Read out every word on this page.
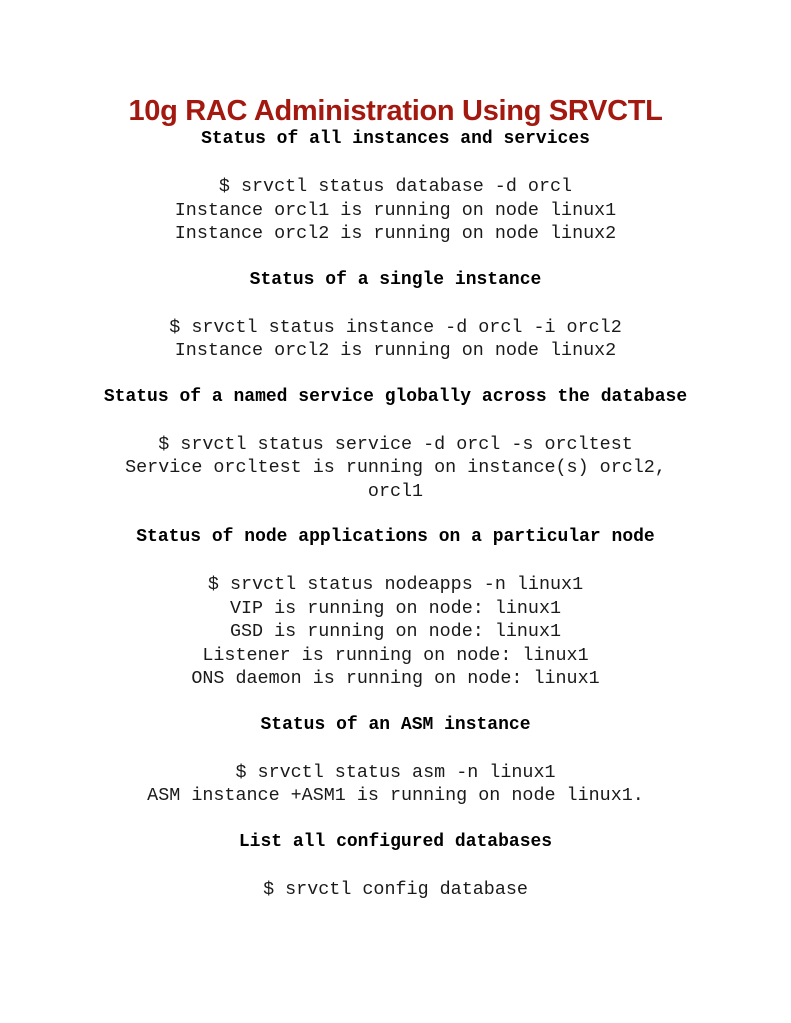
10g RAC Administration Using SRVCTL
Status of all instances and services
$ srvctl status database -d orcl
Instance orcl1 is running on node linux1
Instance orcl2 is running on node linux2
Status of a single instance
$ srvctl status instance -d orcl -i orcl2
Instance orcl2 is running on node linux2
Status of a named service globally across the database
$ srvctl status service -d orcl -s orcltest
Service orcltest is running on instance(s) orcl2, orcl1
Status of node applications on a particular node
$ srvctl status nodeapps -n linux1
VIP is running on node: linux1
GSD is running on node: linux1
Listener is running on node: linux1
ONS daemon is running on node: linux1
Status of an ASM instance
$ srvctl status asm -n linux1
ASM instance +ASM1 is running on node linux1.
List all configured databases
$ srvctl config database
